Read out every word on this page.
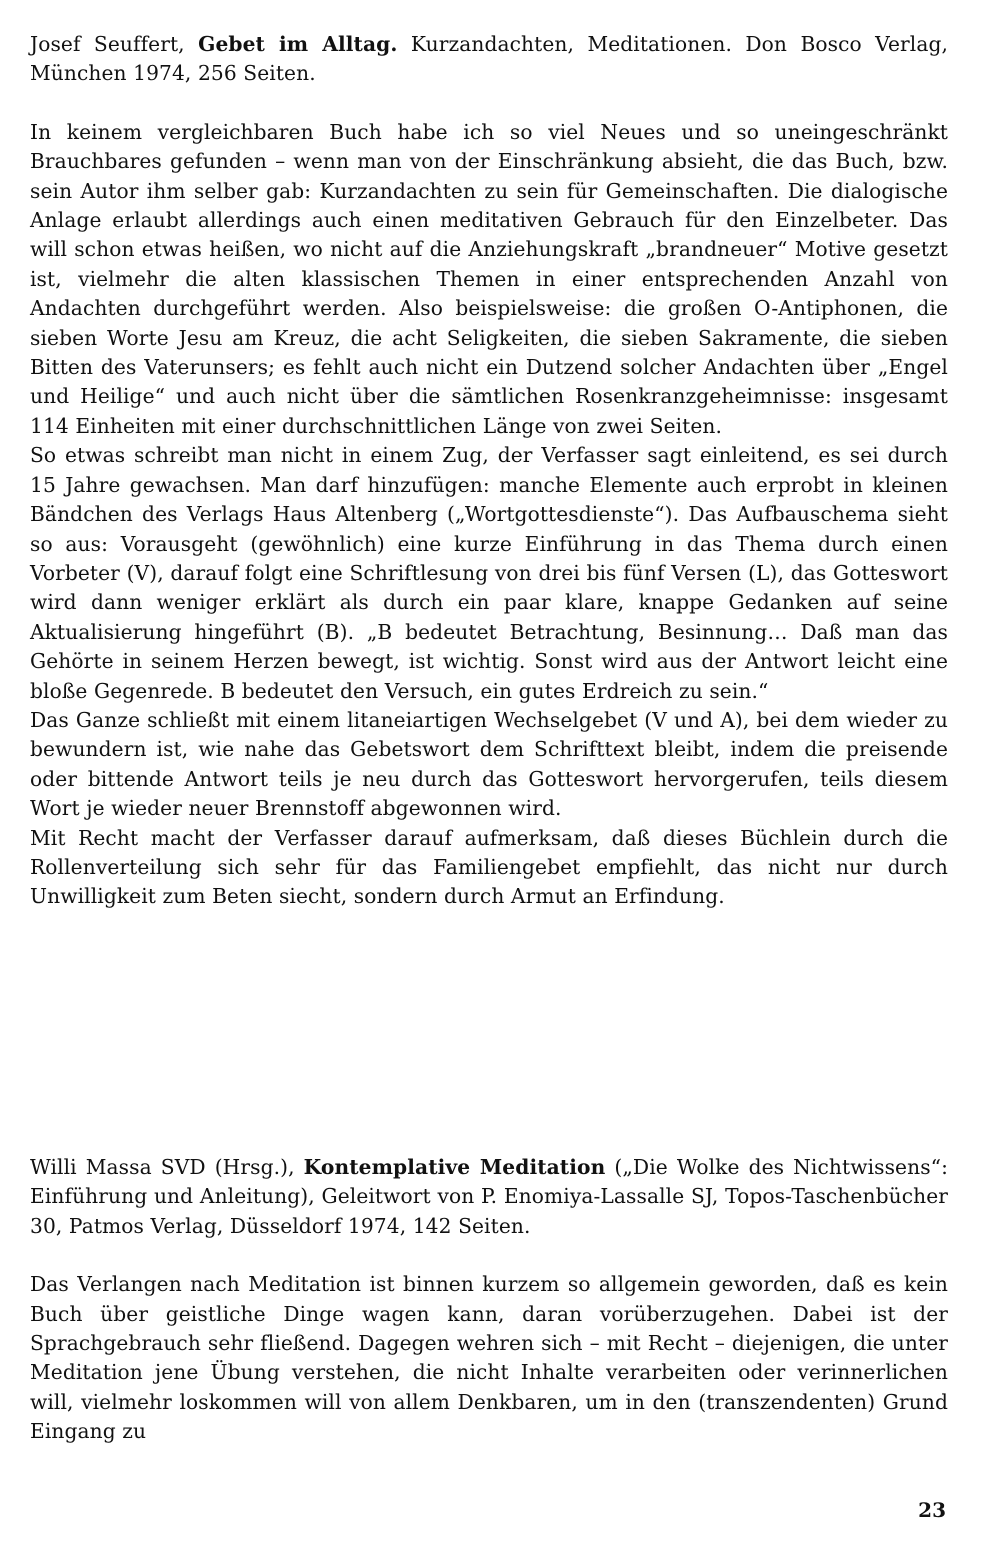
Josef Seuffert, Gebet im Alltag. Kurzandachten, Meditationen. Don Bosco Verlag, München 1974, 256 Seiten.

In keinem vergleichbaren Buch habe ich so viel Neues und so uneingeschränkt Brauchbares gefunden – wenn man von der Einschränkung absieht, die das Buch, bzw. sein Autor ihm selber gab: Kurzandachten zu sein für Gemeinschaften. Die dialogische Anlage erlaubt allerdings auch einen meditativen Gebrauch für den Einzelbeter. Das will schon etwas heißen, wo nicht auf die Anziehungskraft „brandneuer“ Motive gesetzt ist, vielmehr die alten klassischen Themen in einer entsprechenden Anzahl von Andachten durchgeführt werden. Also beispielsweise: die großen O-Antiphonen, die sieben Worte Jesu am Kreuz, die acht Seligkeiten, die sieben Sakramente, die sieben Bitten des Vaterunsers; es fehlt auch nicht ein Dutzend solcher Andachten über „Engel und Heilige“ und auch nicht über die sämtlichen Rosenkranzgeheimnisse: insgesamt 114 Einheiten mit einer durchschnittlichen Länge von zwei Seiten.

So etwas schreibt man nicht in einem Zug, der Verfasser sagt einleitend, es sei durch 15 Jahre gewachsen. Man darf hinzufügen: manche Elemente auch erprobt in kleinen Bändchen des Verlags Haus Altenberg („Wortgottesdienste“). Das Aufbauschema sieht so aus: Vorausgeht (gewöhnlich) eine kurze Einführung in das Thema durch einen Vorbeter (V), darauf folgt eine Schriftlesung von drei bis fünf Versen (L), das Gotteswort wird dann weniger erklärt als durch ein paar klare, knappe Gedanken auf seine Aktualisierung hingeführt (B). „B bedeutet Betrachtung, Besinnung… Daß man das Gehörte in seinem Herzen bewegt, ist wichtig. Sonst wird aus der Antwort leicht eine bloße Gegenrede. B bedeutet den Versuch, ein gutes Erdreich zu sein.“

Das Ganze schließt mit einem litaneiartigen Wechselgebet (V und A), bei dem wieder zu bewundern ist, wie nahe das Gebetswort dem Schrifttext bleibt, indem die preisende oder bittende Antwort teils je neu durch das Gotteswort hervorgerufen, teils diesem Wort je wieder neuer Brennstoff abgewonnen wird.

Mit Recht macht der Verfasser darauf aufmerksam, daß dieses Büchlein durch die Rollenverteilung sich sehr für das Familiengebet empfiehlt, das nicht nur durch Unwilligkeit zum Beten siecht, sondern durch Armut an Erfindung.

Willi Massa SVD (Hrsg.), Kontemplative Meditation („Die Wolke des Nichtwissens“: Einführung und Anleitung), Geleitwort von P. Enomiya-Lassalle SJ, Topos-Taschenbücher 30, Patmos Verlag, Düsseldorf 1974, 142 Seiten.

Das Verlangen nach Meditation ist binnen kurzem so allgemein geworden, daß es kein Buch über geistliche Dinge wagen kann, daran vorüberzugehen. Dabei ist der Sprachgebrauch sehr fließend. Dagegen wehren sich – mit Recht – diejenigen, die unter Meditation jene Übung verstehen, die nicht Inhalte verarbeiten oder verinnerlichen will, vielmehr loskommen will von allem Denkbaren, um in den (transzendenten) Grund Eingang zu

23
